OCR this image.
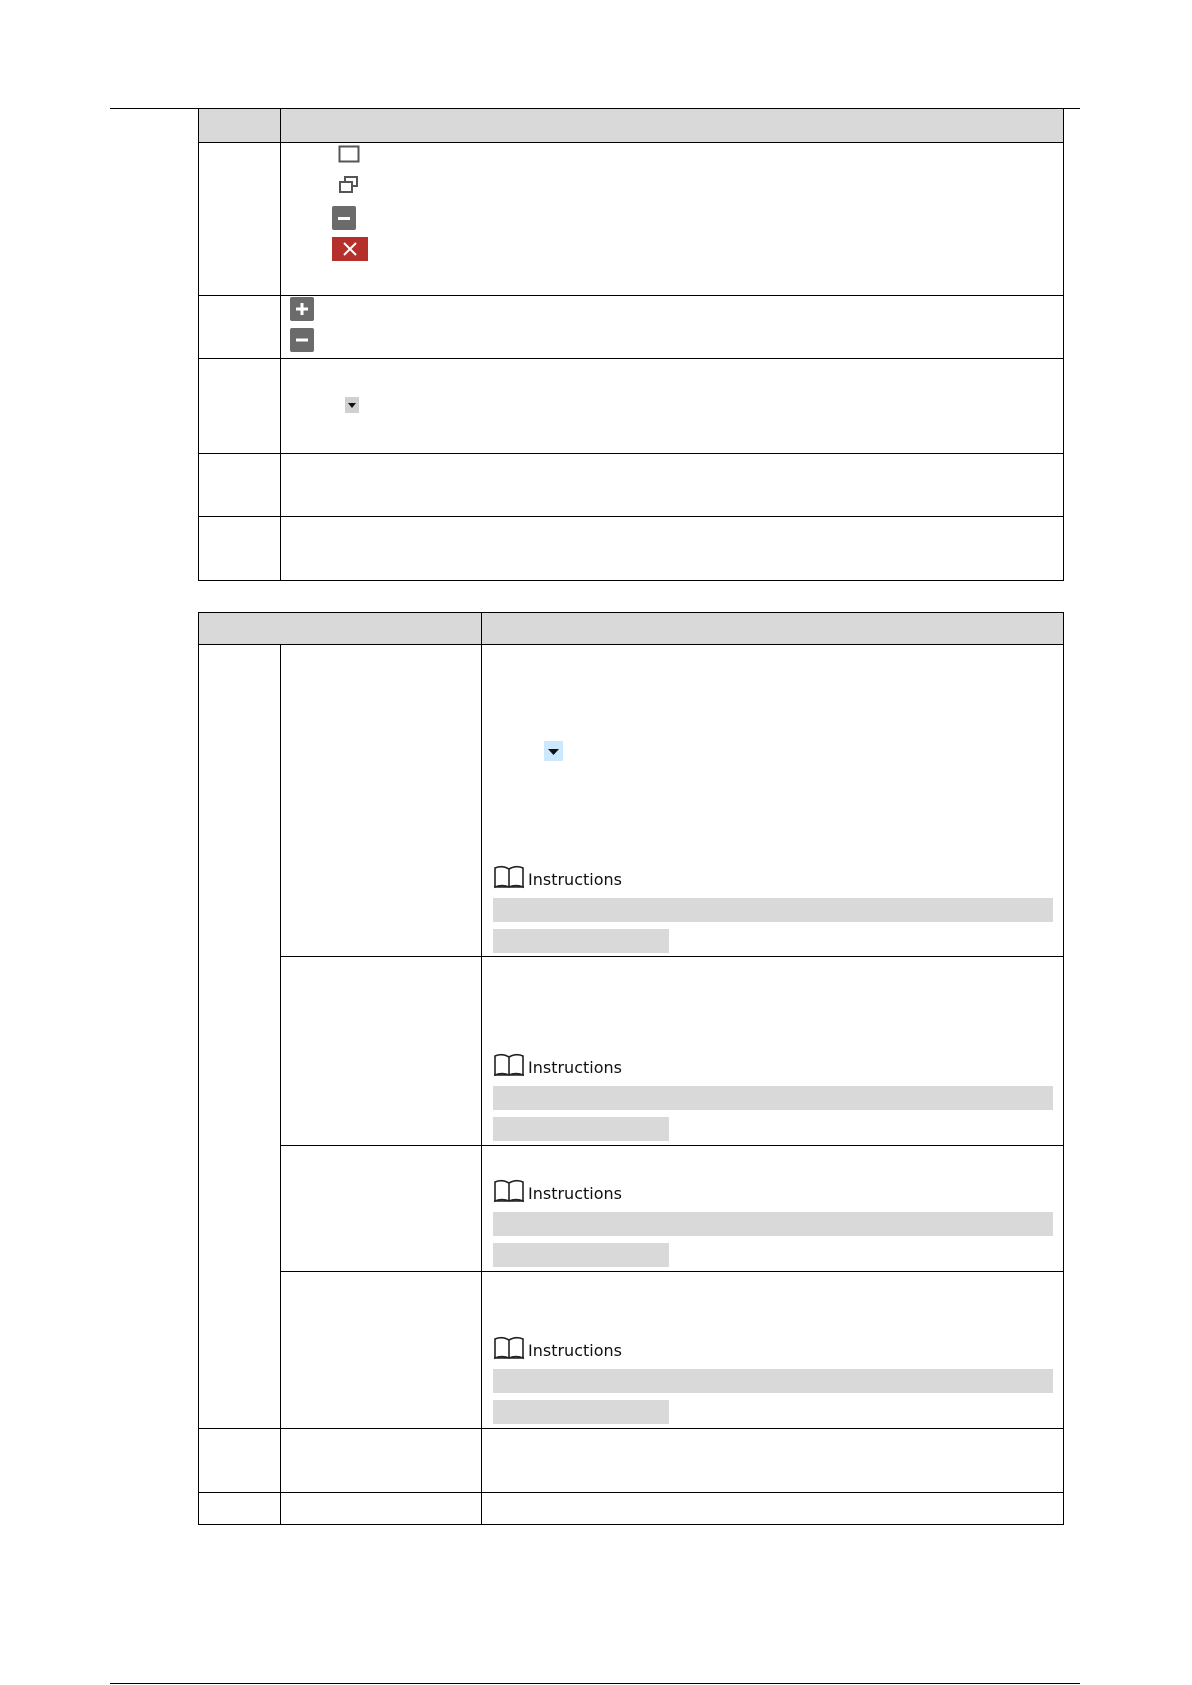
Instructions
Instructions
Instructions
Instructions
